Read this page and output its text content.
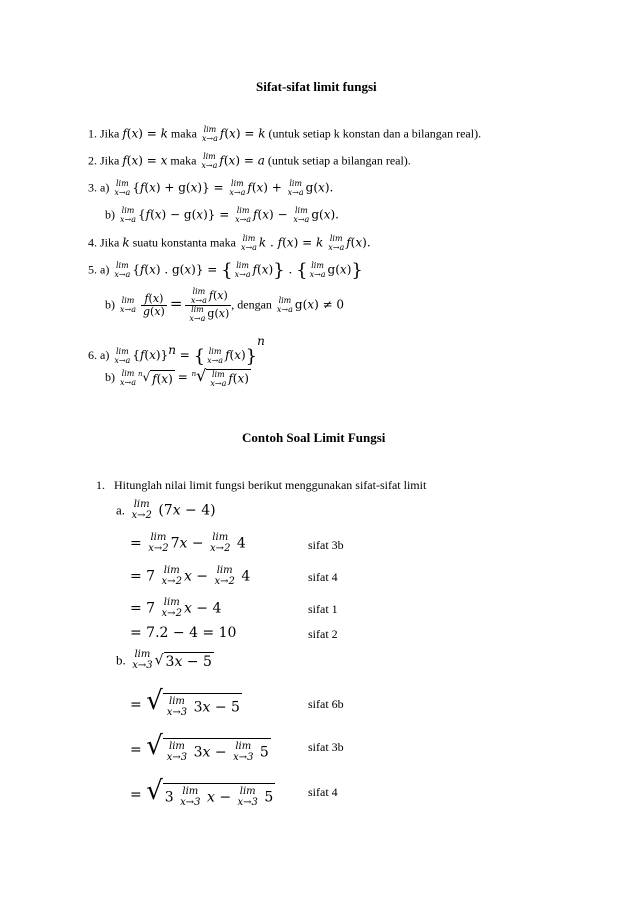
Sifat-sifat limit fungsi
1. Jika f(x) = k maka lim
x→a f(x) = k (untuk setiap k konstan dan a bilangan real).
2. Jika f(x) = x maka lim
x→a f(x) = a (untuk setiap a bilangan real).
3. a) lim
x→a {f(x) + g(x)} = lim
x→a f(x) + lim
x→a g(x).
b) lim
x→a {f(x) − g(x)} = lim
x→a f(x) − lim
x→a g(x).
4. Jika k suatu konstanta maka lim
x→a k . f(x) = k lim
x→a f(x).
5. a) lim
x→a {f(x) . g(x)} = { lim
x→a f(x)} . { lim
x→a g(x)}
b) lim
x→a
$\frac{f(x)}{g(x)} = \lim$
x→a f(x)
lim
x→a g(x) , dengan lim
x→a g(x) ≠ 0
6. a) lim
x→a $\{f(x)\}^n$ = { lim
x→a f(x)}$^n$
b) lim
x→a
$^n$√ f(x) = $^n$√ lim
x→a f(x)
Contoh Soal Limit Fungsi
1. Hitunglah nilai limit fungsi berikut menggunakan sifat-sifat limit
a. lim
x→2 (7x − 4)
= lim
x→2 7x − lim
x→2 4	sifat 3b
= 7 lim
x→2 x − lim
x→2 4	sifat 4
= 7 lim
x→2 x − 4	sifat 1
= 7.2 − 4 = 10	sifat 2
b. lim
x→3 √ 3x − 5
= √ lim
x→3 3x − 5	sifat 6b
= √ lim
x→3 3x − lim
x→3 5	sifat 3b
= √ 3 lim
x→3 x − lim
x→3 5	sifat 4
